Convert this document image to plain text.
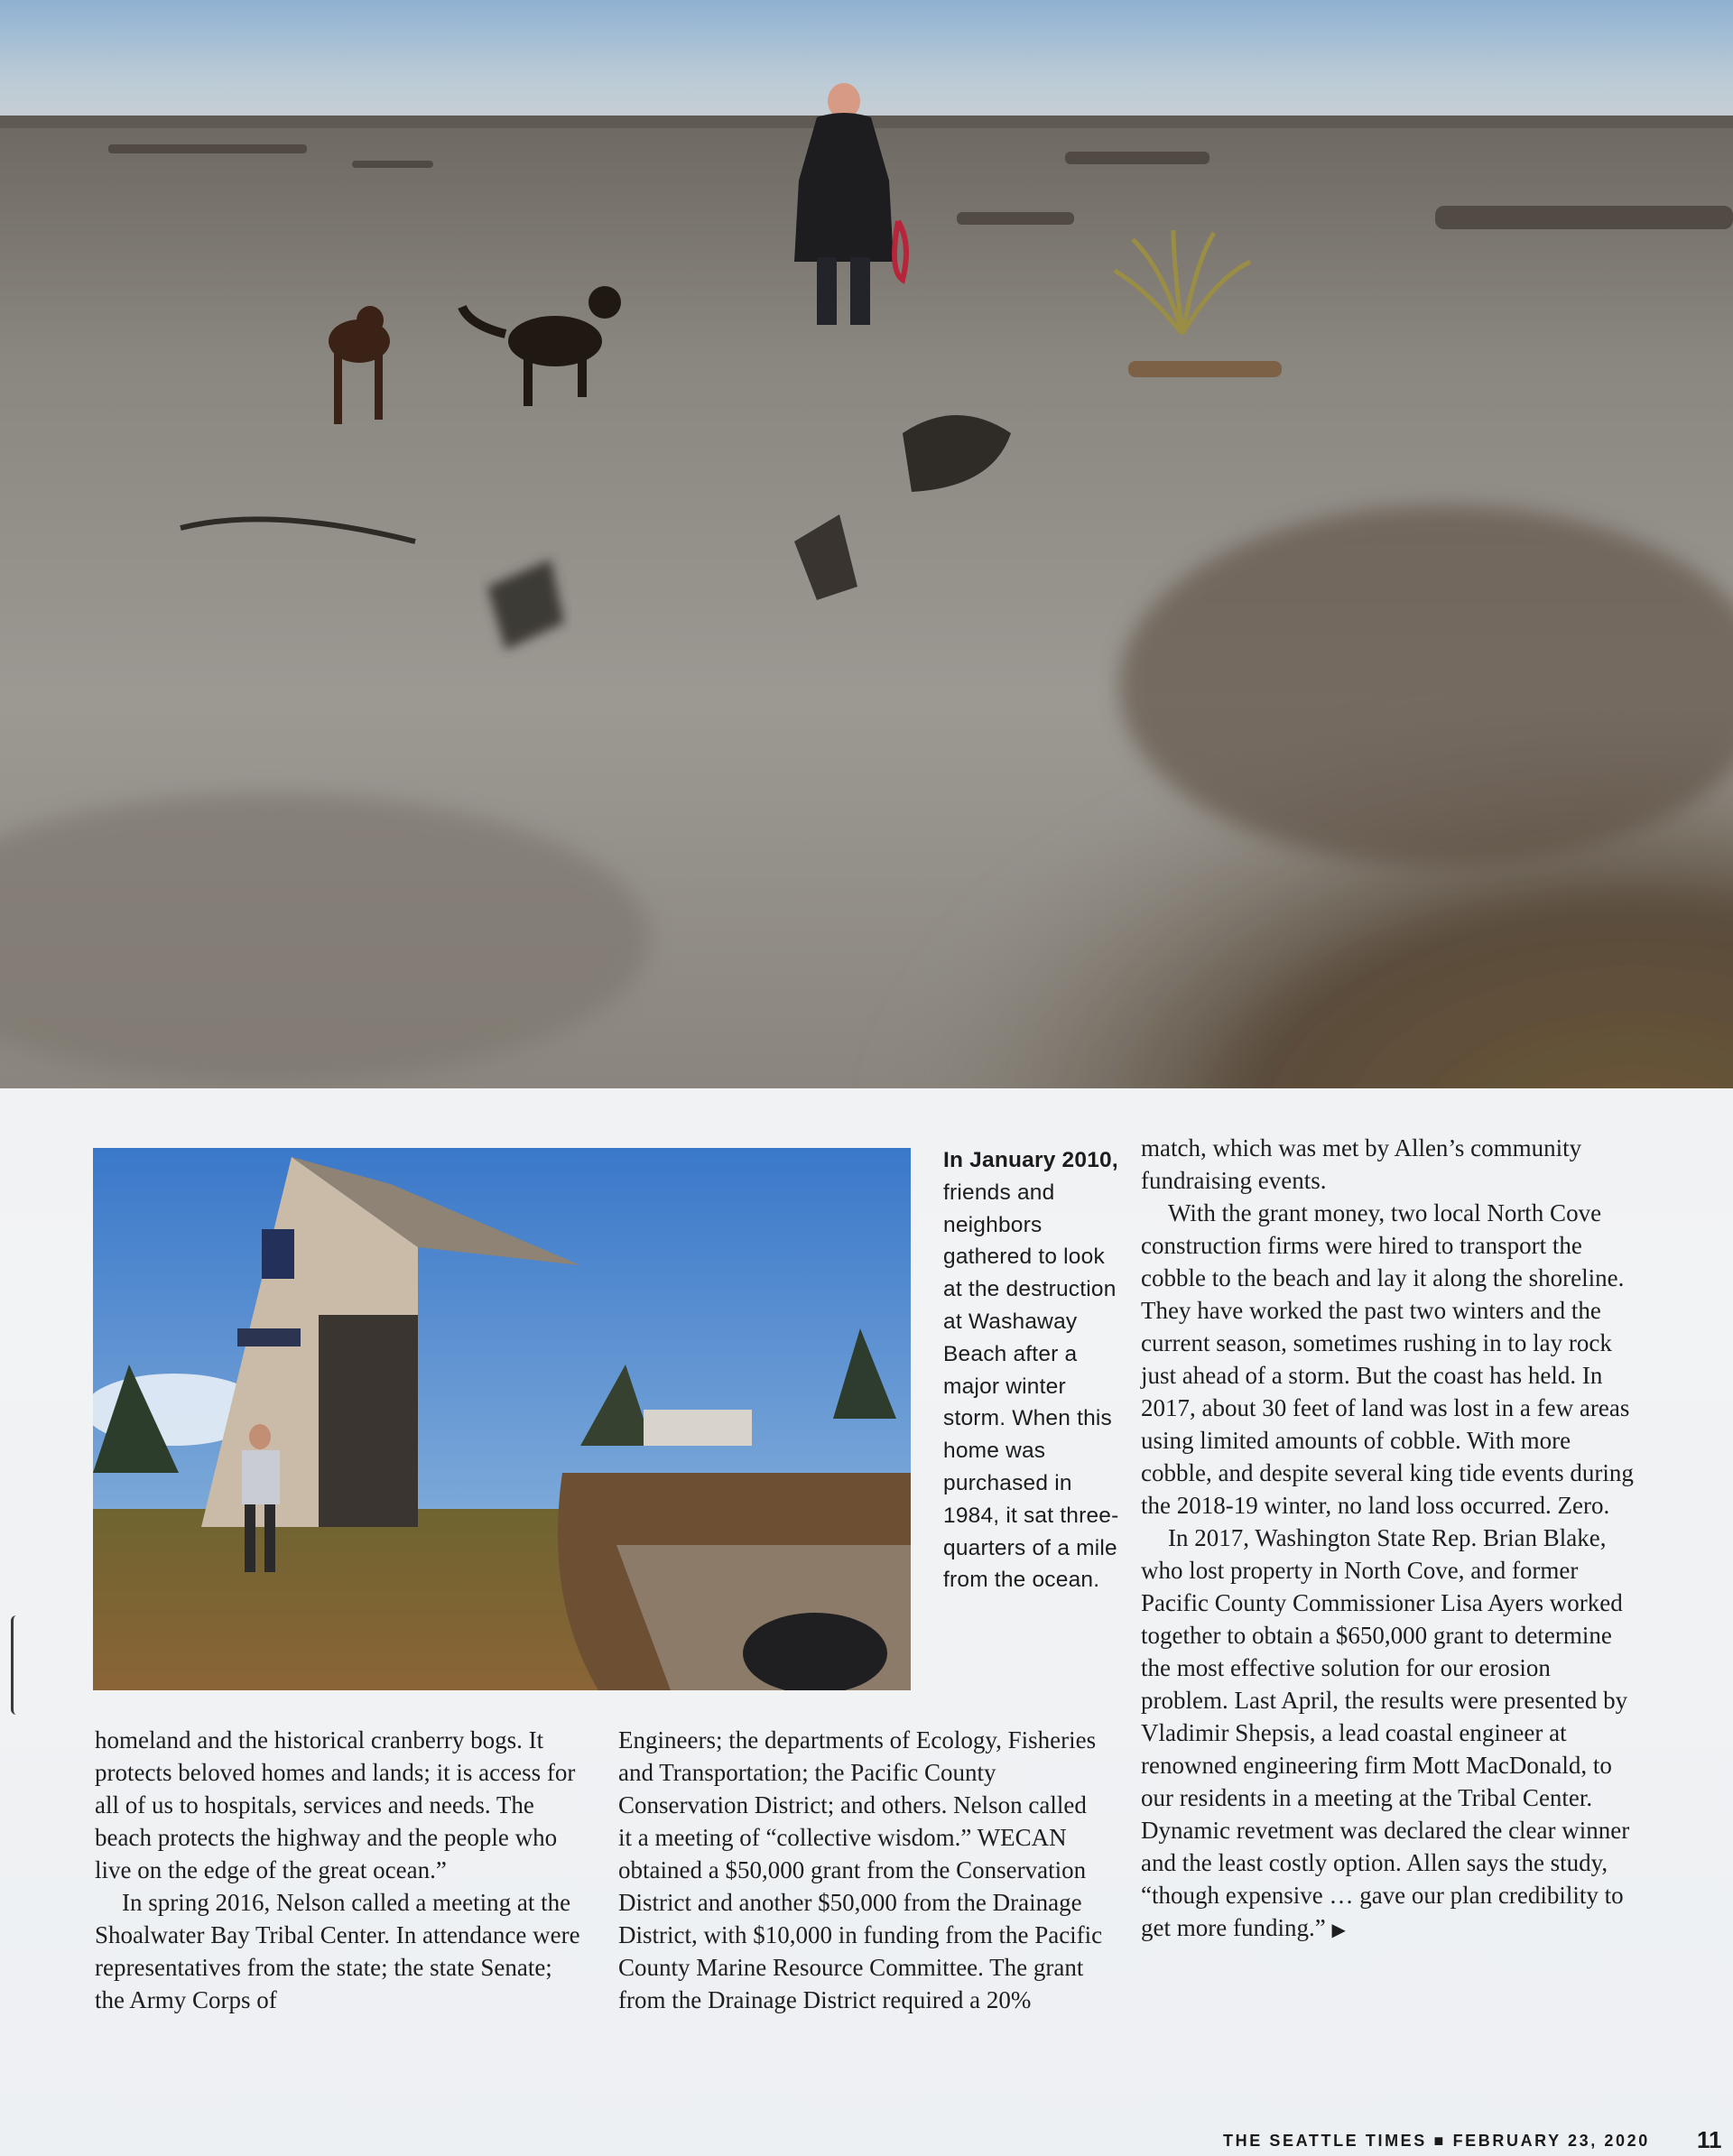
In January 2010, friends and neighbors gathered to look at the destruction at Washaway Beach after a major winter storm. When this home was purchased in 1984, it sat three-quarters of a mile from the ocean.

homeland and the historical cranberry bogs. It protects beloved homes and lands; it is access for all of us to hospitals, services and needs. The beach protects the highway and the people who live on the edge of the great ocean.”

In spring 2016, Nelson called a meeting at the Shoalwater Bay Tribal Center. In attendance were representatives from the state; the state Senate; the Army Corps of

Engineers; the departments of Ecology, Fisheries and Transportation; the Pacific County Conservation District; and others. Nelson called it a meeting of “collective wisdom.” WECAN obtained a $50,000 grant from the Conservation District and another $50,000 from the Drainage District, with $10,000 in funding from the Pacific County Marine Resource Committee. The grant from the Drainage District required a 20%

match, which was met by Allen’s community fundraising events.

With the grant money, two local North Cove construction firms were hired to transport the cobble to the beach and lay it along the shoreline. They have worked the past two winters and the current season, sometimes rushing in to lay rock just ahead of a storm. But the coast has held. In 2017, about 30 feet of land was lost in a few areas using limited amounts of cobble. With more cobble, and despite several king tide events during the 2018-19 winter, no land loss occurred. Zero.

In 2017, Washington State Rep. Brian Blake, who lost property in North Cove, and former Pacific County Commissioner Lisa Ayers worked together to obtain a $650,000 grant to determine the most effective solution for our erosion problem. Last April, the results were presented by Vladimir Shepsis, a lead coastal engineer at renowned engineering firm Mott MacDonald, to our residents in a meeting at the Tribal Center. Dynamic revetment was declared the clear winner and the least costly option. Allen says the study, “though expensive … gave our plan credibility to get more funding.” ▶

THE SEATTLE TIMES ■ FEBRUARY 23, 2020 11
